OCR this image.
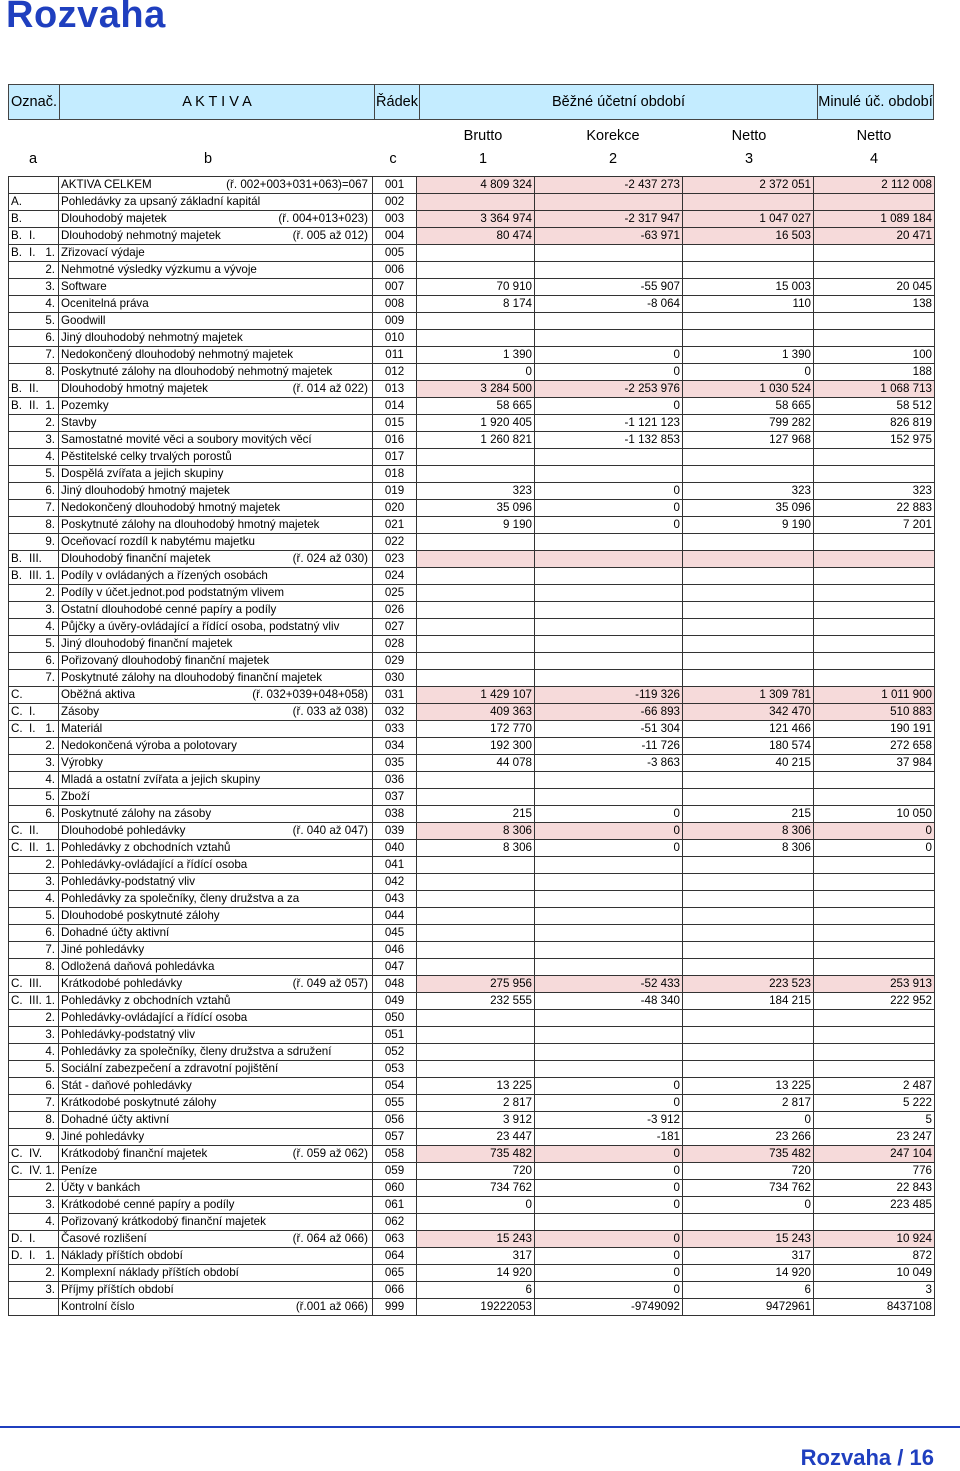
Rozvaha
Označ.	A K T I V A	Řádek	Běžné účetní období	Minulé úč. období
Brutto	Korekce	Netto	Netto
a	b	c	1	2	3	4
	AKTIVA CELKEM (ř. 002+003+031+063)=067	001	4 809 324	-2 437 273	2 372 051	2 112 008

A.	Pohledávky za upsaný základní kapitál	002				

B.	Dlouhodobý majetek (ř. 004+013+023)	003	3 364 974	-2 317 947	1 047 027	1 089 184

B. I.	Dlouhodobý nehmotný majetek (ř. 005 až 012)	004	80 474	-63 971	16 503	20 471

B. I. 1.	Zřizovací výdaje	005				

2.	Nehmotné výsledky výzkumu a vývoje	006				

3.	Software	007	70 910	-55 907	15 003	20 045

4.	Ocenitelná práva	008	8 174	-8 064	110	138

5.	Goodwill	009				

6.	Jiný dlouhodobý nehmotný majetek	010				

7.	Nedokončený dlouhodobý nehmotný majetek	011	1 390	0	1 390	100

8.	Poskytnuté zálohy na dlouhodobý nehmotný majetek	012	0	0	0	188

B. II.	Dlouhodobý hmotný majetek (ř. 014 až 022)	013	3 284 500	-2 253 976	1 030 524	1 068 713

B. II. 1.	Pozemky	014	58 665	0	58 665	58 512

2.	Stavby	015	1 920 405	-1 121 123	799 282	826 819

3.	Samostatné movité věci a soubory movitých věcí	016	1 260 821	-1 132 853	127 968	152 975

4.	Pěstitelské celky trvalých porostů	017				

5.	Dospělá zvířata a jejich skupiny	018				

6.	Jiný dlouhodobý hmotný majetek	019	323	0	323	323

7.	Nedokončený dlouhodobý hmotný majetek	020	35 096	0	35 096	22 883

8.	Poskytnuté zálohy na dlouhodobý hmotný majetek	021	9 190	0	9 190	7 201

9.	Oceňovací rozdíl k nabytému majetku	022				

B. III.	Dlouhodobý finanční majetek (ř. 024 až 030)	023				

B. III. 1.	Podíly v ovládaných a řízených osobách	024				

2.	Podíly v účet.jednot.pod podstatným vlivem	025				

3.	Ostatní dlouhodobé cenné papíry a podíly	026				

4.	Půjčky a úvěry-ovládající a řídící osoba, podstatný vliv	027				

5.	Jiný dlouhodobý finanční majetek	028				

6.	Pořizovaný dlouhodobý finanční majetek	029				

7.	Poskytnuté zálohy na dlouhodobý finanční majetek	030				

C.	Oběžná aktiva (ř. 032+039+048+058)	031	1 429 107	-119 326	1 309 781	1 011 900

C. I.	Zásoby (ř. 033 až 038)	032	409 363	-66 893	342 470	510 883

C. I. 1.	Materiál	033	172 770	-51 304	121 466	190 191

2.	Nedokončená výroba a polotovary	034	192 300	-11 726	180 574	272 658

3.	Výrobky	035	44 078	-3 863	40 215	37 984

4.	Mladá a ostatní zvířata a jejich skupiny	036				

5.	Zboží	037				

6.	Poskytnuté zálohy na zásoby	038	215	0	215	10 050

C. II.	Dlouhodobé pohledávky (ř. 040 až 047)	039	8 306	0	8 306	0

C. II. 1.	Pohledávky z obchodních vztahů	040	8 306	0	8 306	0

2.	Pohledávky-ovládající a řídící osoba	041				

3.	Pohledávky-podstatný vliv	042				

4.	Pohledávky za společníky, členy družstva a za	043				

5.	Dlouhodobé poskytnuté zálohy	044				

6.	Dohadné účty aktivní	045				

7.	Jiné pohledávky	046				

8.	Odložená daňová pohledávka	047				

C. III.	Krátkodobé pohledávky (ř. 049 až 057)	048	275 956	-52 433	223 523	253 913

C. III. 1.	Pohledávky z obchodních vztahů	049	232 555	-48 340	184 215	222 952

2.	Pohledávky-ovládající a řídící osoba	050				

3.	Pohledávky-podstatný vliv	051				

4.	Pohledávky za společníky, členy družstva a sdružení	052				

5.	Sociální zabezpečení a zdravotní pojištění	053				

6.	Stát - daňové pohledávky	054	13 225	0	13 225	2 487

7.	Krátkodobé poskytnuté zálohy	055	2 817	0	2 817	5 222

8.	Dohadné účty aktivní	056	3 912	-3 912	0	5

9.	Jiné pohledávky	057	23 447	-181	23 266	23 247

C. IV.	Krátkodobý finanční majetek (ř. 059 až 062)	058	735 482	0	735 482	247 104

C. IV. 1.	Peníze	059	720	0	720	776

2.	Účty v bankách	060	734 762	0	734 762	22 843

3.	Krátkodobé cenné papíry a podíly	061	0	0	0	223 485

4.	Pořizovaný krátkodobý finanční majetek	062				

D. I.	Časové rozlišení (ř. 064 až 066)	063	15 243	0	15 243	10 924

D. I. 1.	Náklady příštích období	064	317	0	317	872

2.	Komplexní náklady příštích období	065	14 920	0	14 920	10 049

3.	Příjmy příštích období	066	6	0	6	3

	Kontrolní číslo (ř.001 až 066)	999	19222053	-9749092	9472961	8437108
Rozvaha / 16
